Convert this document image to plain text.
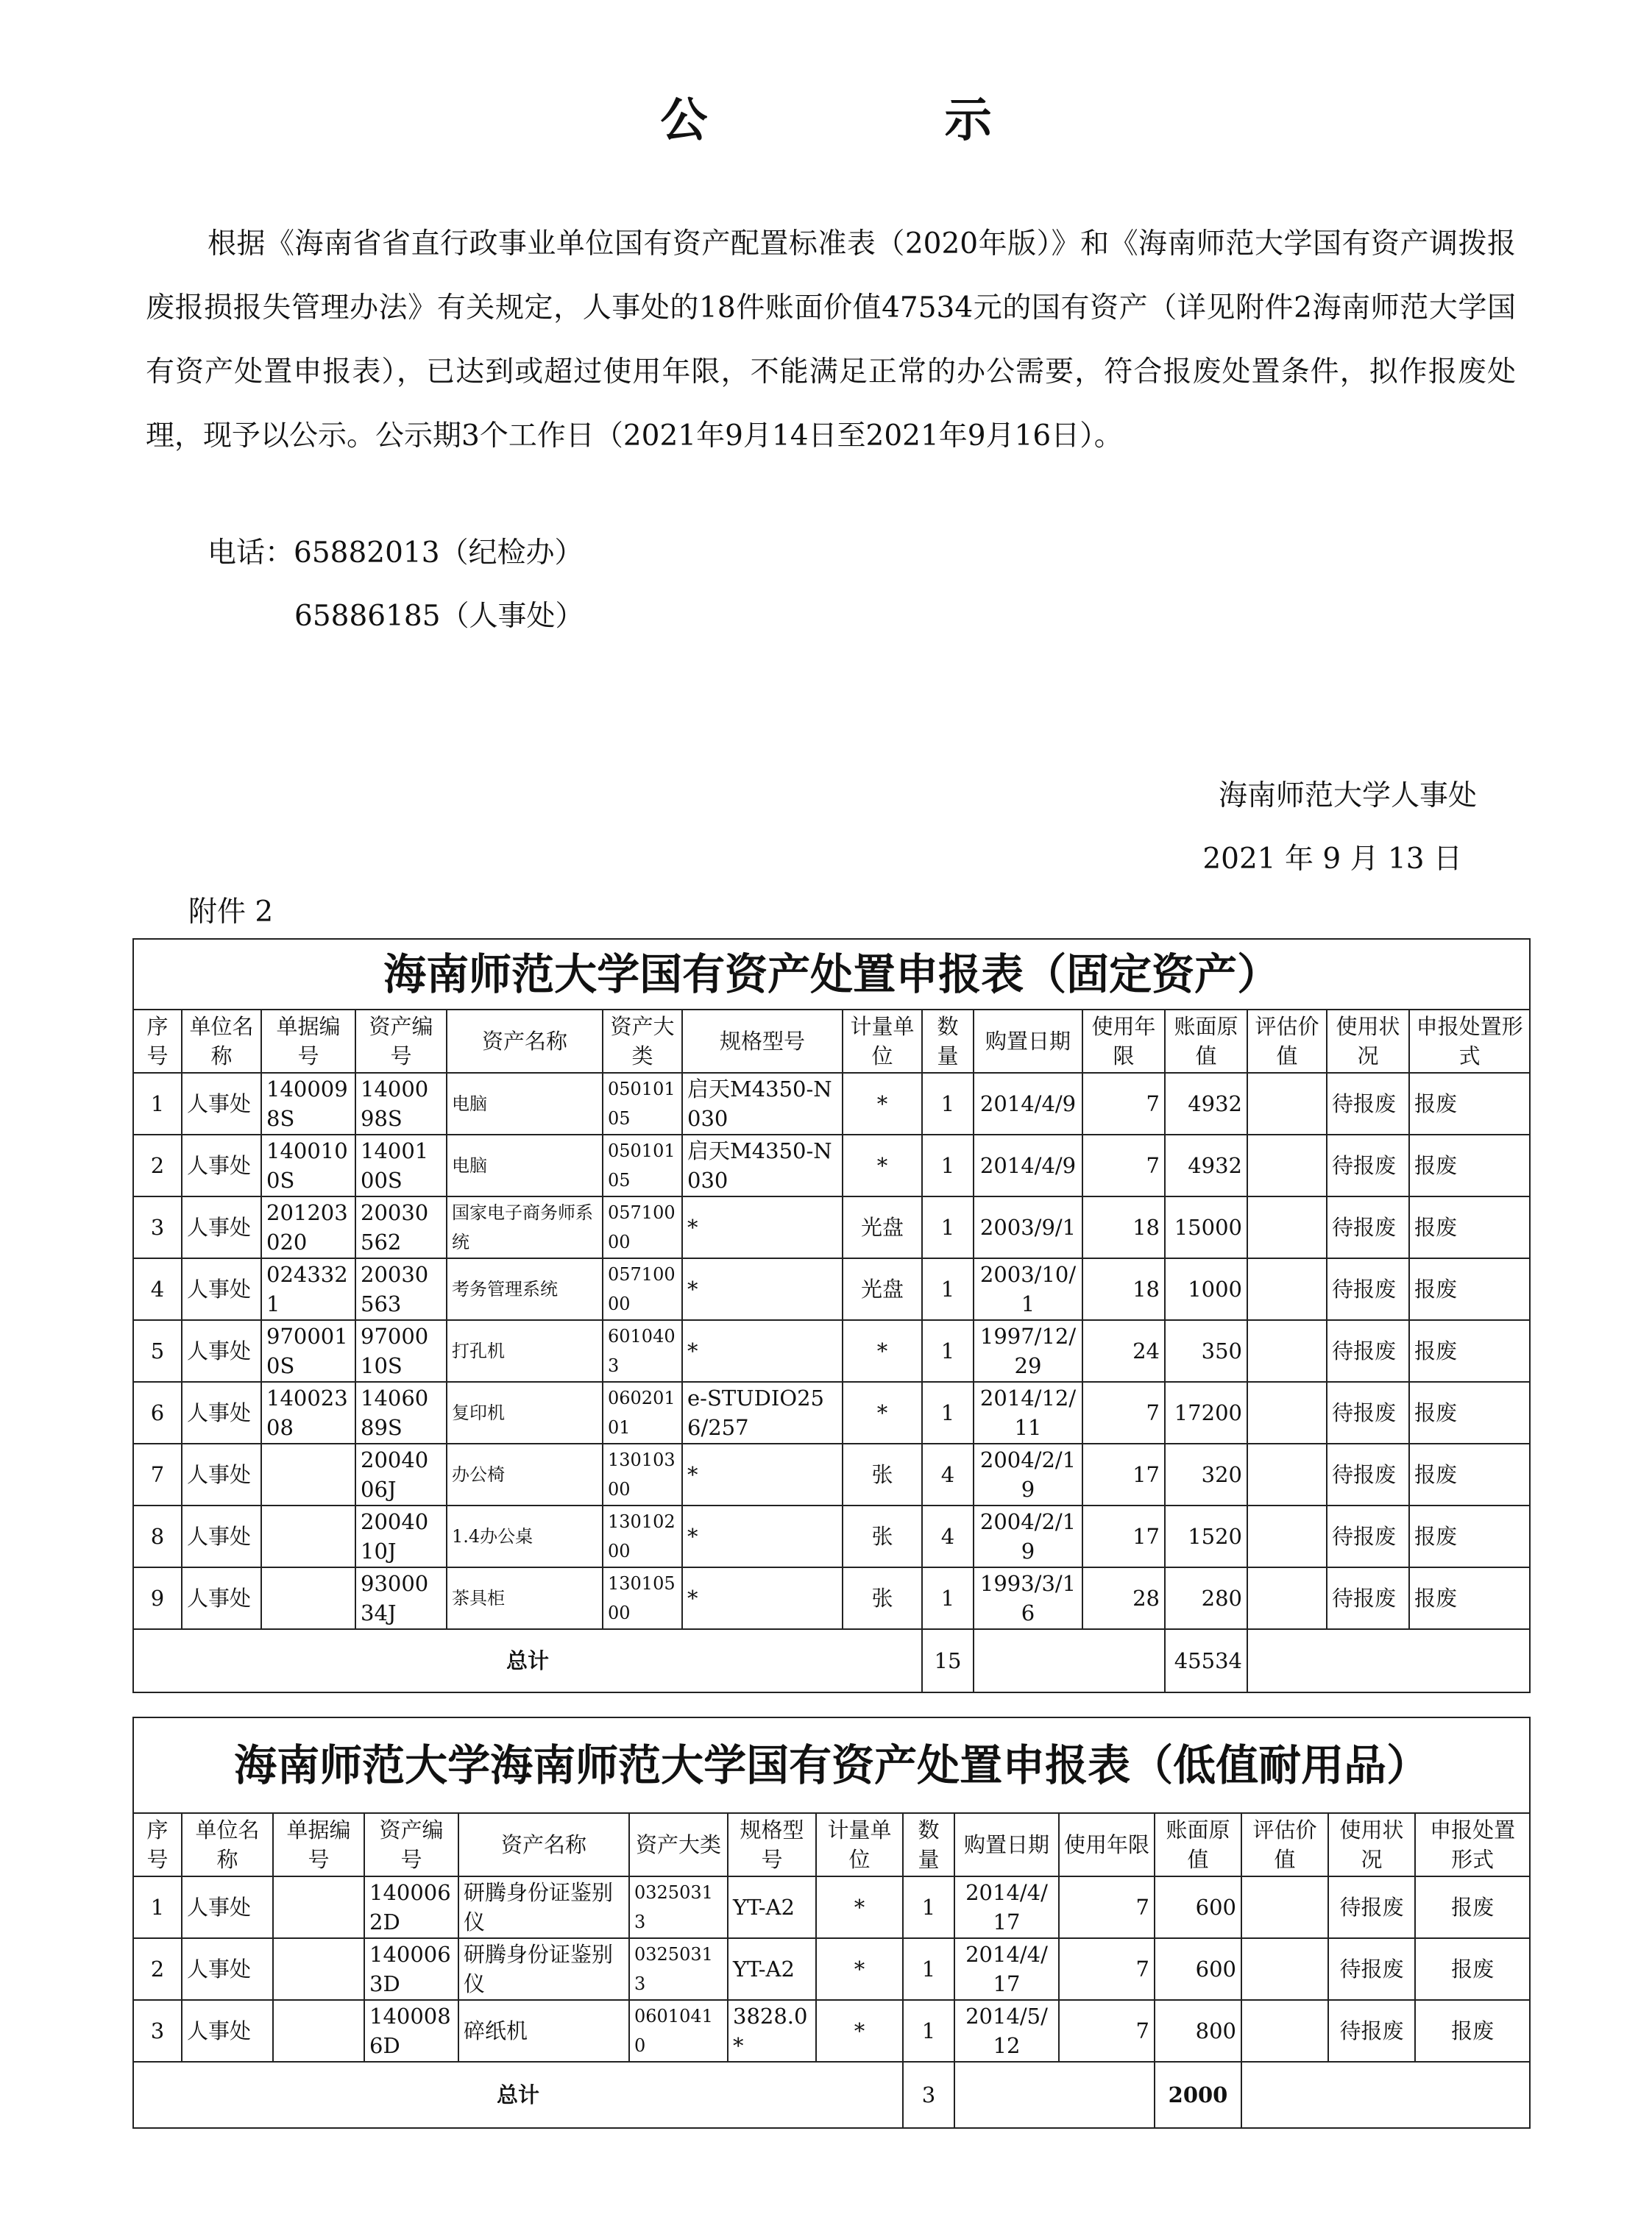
公 示

根据《海南省省直行政事业单位国有资产配置标准表（2020年版）》和《海南师范大学国有资产调拨报废报损报失管理办法》有关规定，人事处的18件账面价值47534元的国有资产（详见附件2海南师范大学国有资产处置申报表），已达到或超过使用年限，不能满足正常的办公需要，符合报废处置条件，拟作报废处理，现予以公示。公示期3个工作日（2021年9月14日至2021年9月16日）。

电话：65882013（纪检办）
65886185（人事处）
海南师范大学人事处
2021 年 9 月 13 日
附件 2
海南师范大学国有资产处置申报表（固定资产）														
序号	单位名称	单据编号	资产编号	资产名称	资产大类	规格型号	计量单位	数量	购置日期	使用年限	账面原值	评估价值	使用状况	申报处置形式
1	人事处	1400098S	1400098S	电脑	05010105	启天M4350-N030	*	1	2014/4/9	7	4932		待报废	报废
2	人事处	1400100S	1400100S	电脑	05010105	启天M4350-N030	*	1	2014/4/9	7	4932		待报废	报废
3	人事处	201203020	20030562	国家电子商务师系统	05710000	*	光盘	1	2003/9/1	18	15000		待报废	报废
4	人事处	0243321	20030563	考务管理系统	05710000	*	光盘	1	2003/10/1	18	1000		待报废	报废
5	人事处	9700010S	9700010S	打孔机	6010403	*	*	1	1997/12/29	24	350		待报废	报废
6	人事处	14002308	1406089S	复印机	06020101	e-STUDIO256/257	*	1	2014/12/11	7	17200		待报废	报废
7	人事处		2004006J	办公椅	13010300	*	张	4	2004/2/19	17	320		待报废	报废
8	人事处		2004010J	1.4办公桌	13010200	*	张	4	2004/2/19	17	1520		待报废	报废
9	人事处		9300034J	茶具柜	13010500	*	张	1	1993/3/16	28	280		待报废	报废
总计								15			45534			
海南师范大学海南师范大学国有资产处置申报表（低值耐用品）														
序号	单位名称	单据编号	资产编号	资产名称	资产大类	规格型号	计量单位	数量	购置日期	使用年限	账面原值	评估价值	使用状况	申报处置形式
1	人事处		1400062D	研腾身份证鉴别仪	03250313	YT-A2	*	1	2014/4/17	7	600		待报废	报废
2	人事处		1400063D	研腾身份证鉴别仪	03250313	YT-A2	*	1	2014/4/17	7	600		待报废	报废
3	人事处		1400086D	碎纸机	06010410	3828.0*	*	1	2014/5/12	7	800		待报废	报废
总计								3			2000			
